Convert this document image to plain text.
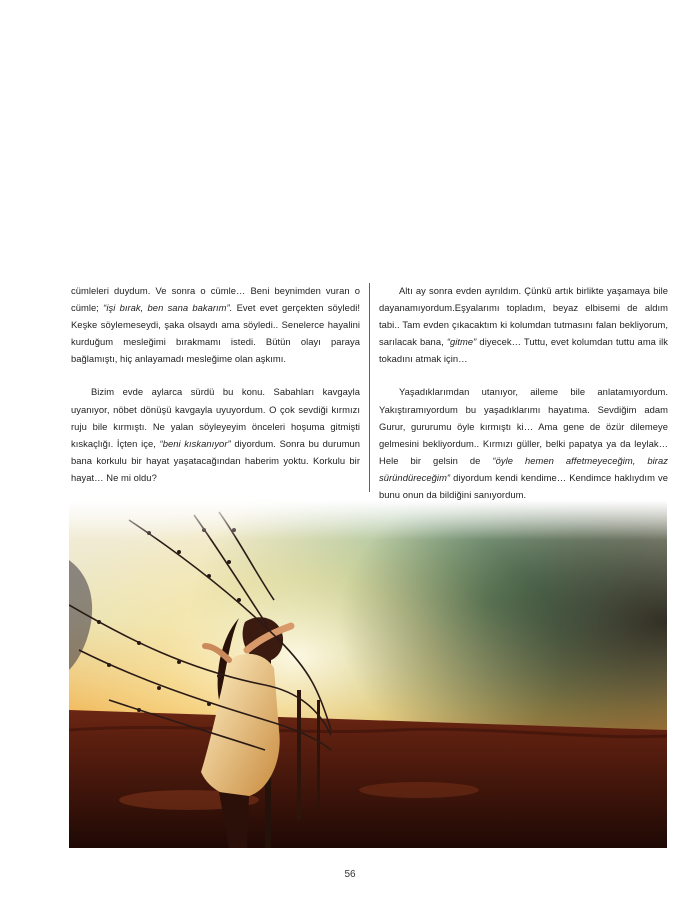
cümleleri duydum. Ve sonra o cümle… Beni beynimden vuran o cümle; “işi bırak, ben sana bakarım”. Evet evet gerçekten söyledi! Keşke söylemeseydi, şaka olsaydı ama söyledi.. Senelerce hayalini kurduğum mesleğimi bırakmamı istedi. Bütün olayı paraya bağlamıştı, hiç anlayamadı mesleğime olan aşkımı.

Bizim evde aylarca sürdü bu konu. Sabahları kavgayla uyanıyor, nöbet dönüşü kavgayla uyuyordum. O çok sevdiği kırmızı ruju bile kırmıştı. Ne yalan söyleyeyim önceleri hoşuma gitmişti kıskaçlığı. İçten içe, “beni kıskanıyor” diyordum. Sonra bu durumun bana korkulu bir hayat yaşatacağından haberim yoktu. Korkulu bir hayat… Ne mi oldu?

Altı ay sonra evden ayrıldım. Çünkü artık birlikte yaşamaya bile dayanamıyordum.Eşyalarımı topladım, beyaz elbisemi de aldım tabi.. Tam evden çıkacaktım ki kolumdan tutmasını falan bekliyorum, sarılacak bana, “gitme” diyecek… Tuttu, evet kolumdan tuttu ama ilk tokadını atmak için…

Yaşadıklarımdan utanıyor, aileme bile anlatamıyordum. Yakıştıramıyordum bu yaşadıklarımı hayatıma. Sevdiğim adam Gurur, gururumu öyle kırmıştı ki… Ama gene de özür dilemeye gelmesini bekliyordum.. Kırmızı güller, belki papatya ya da leylak… Hele bir gelsin de “öyle hemen affetmeyeceğim, biraz süründüreceğim” diyordum kendi kendime… Kendimce haklıydım ve bunu onun da bildiğini sanıyordum.

56
